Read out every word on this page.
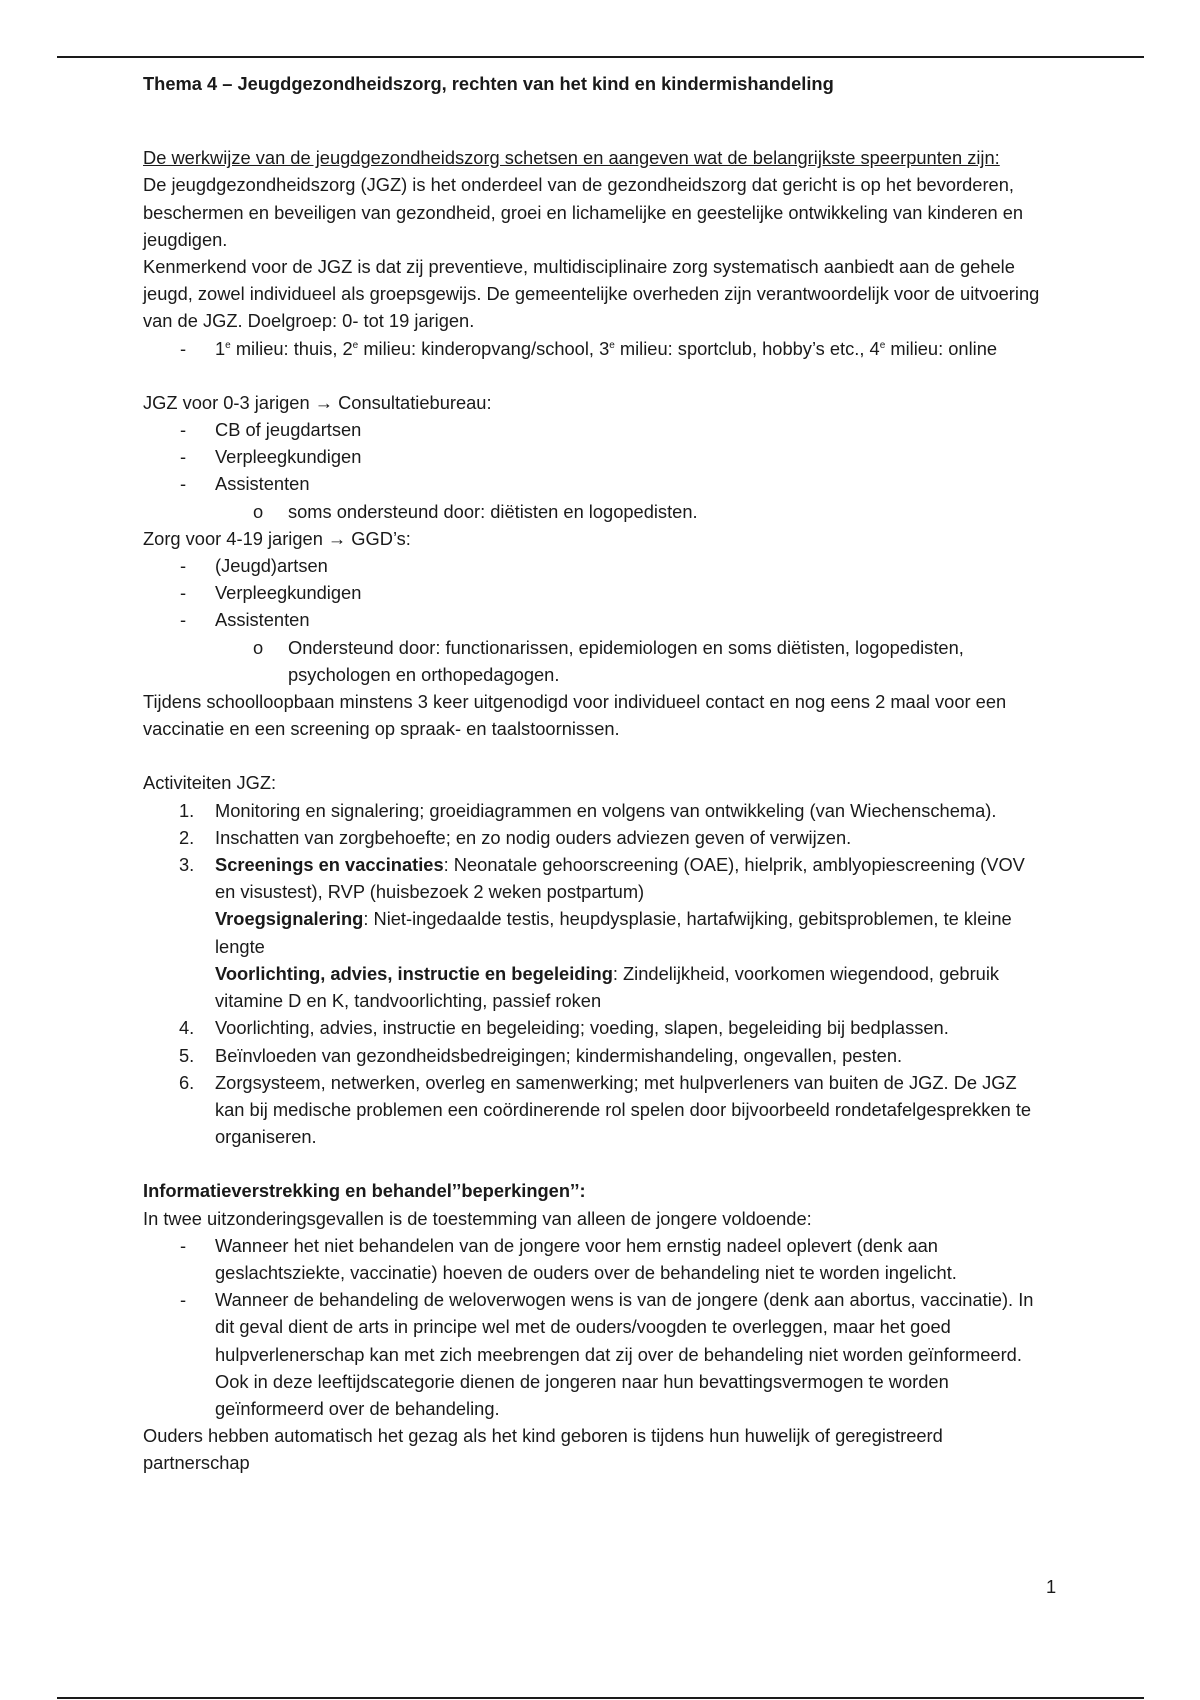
Thema 4 – Jeugdgezondheidszorg, rechten van het kind en kindermishandeling

De werkwijze van de jeugdgezondheidszorg schetsen en aangeven wat de belangrijkste speerpunten zijn:

De jeugdgezondheidszorg (JGZ) is het onderdeel van de gezondheidszorg dat gericht is op het bevorderen, beschermen en beveiligen van gezondheid, groei en lichamelijke en geestelijke ontwikkeling van kinderen en jeugdigen.

Kenmerkend voor de JGZ is dat zij preventieve, multidisciplinaire zorg systematisch aanbiedt aan de gehele jeugd, zowel individueel als groepsgewijs. De gemeentelijke overheden zijn verantwoordelijk voor de uitvoering van de JGZ. Doelgroep: 0- tot 19 jarigen.

- 1e milieu: thuis, 2e milieu: kinderopvang/school, 3e milieu: sportclub, hobby’s etc., 4e milieu: online

JGZ voor 0-3 jarigen → Consultatiebureau:

- CB of jeugdartsen
- Verpleegkundigen
- Assistenten
o soms ondersteund door: diëtisten en logopedisten.

Zorg voor 4-19 jarigen → GGD’s:

- (Jeugd)artsen
- Verpleegkundigen
- Assistenten
o Ondersteund door: functionarissen, epidemiologen en soms diëtisten, logopedisten, psychologen en orthopedagogen.

Tijdens schoolloopbaan minstens 3 keer uitgenodigd voor individueel contact en nog eens 2 maal voor een vaccinatie en een screening op spraak- en taalstoornissen.

Activiteiten JGZ:

1. Monitoring en signalering; groeidiagrammen en volgens van ontwikkeling (van Wiechenschema).
2. Inschatten van zorgbehoefte; en zo nodig ouders adviezen geven of verwijzen.
3. Screenings en vaccinaties: Neonatale gehoorscreening (OAE), hielprik, amblyopiescreening (VOV en visustest), RVP (huisbezoek 2 weken postpartum)
Vroegsignalering: Niet-ingedaalde testis, heupdysplasie, hartafwijking, gebitsproblemen, te kleine lengte
Voorlichting, advies, instructie en begeleiding: Zindelijkheid, voorkomen wiegendood, gebruik vitamine D en K, tandvoorlichting, passief roken
4. Voorlichting, advies, instructie en begeleiding; voeding, slapen, begeleiding bij bedplassen.
5. Beïnvloeden van gezondheidsbedreigingen; kindermishandeling, ongevallen, pesten.
6. Zorgsysteem, netwerken, overleg en samenwerking; met hulpverleners van buiten de JGZ. De JGZ kan bij medische problemen een coördinerende rol spelen door bijvoorbeeld rondetafelgesprekken te organiseren.

Informatieverstrekking en behandel’’beperkingen’’:

In twee uitzonderingsgevallen is de toestemming van alleen de jongere voldoende:

- Wanneer het niet behandelen van de jongere voor hem ernstig nadeel oplevert (denk aan geslachtsziekte, vaccinatie) hoeven de ouders over de behandeling niet te worden ingelicht.
- Wanneer de behandeling de weloverwogen wens is van de jongere (denk aan abortus, vaccinatie). In dit geval dient de arts in principe wel met de ouders/voogden te overleggen, maar het goed hulpverlenerschap kan met zich meebrengen dat zij over de behandeling niet worden geïnformeerd. Ook in deze leeftijdscategorie dienen de jongeren naar hun bevattingsvermogen te worden geïnformeerd over de behandeling.

Ouders hebben automatisch het gezag als het kind geboren is tijdens hun huwelijk of geregistreerd partnerschap

1
